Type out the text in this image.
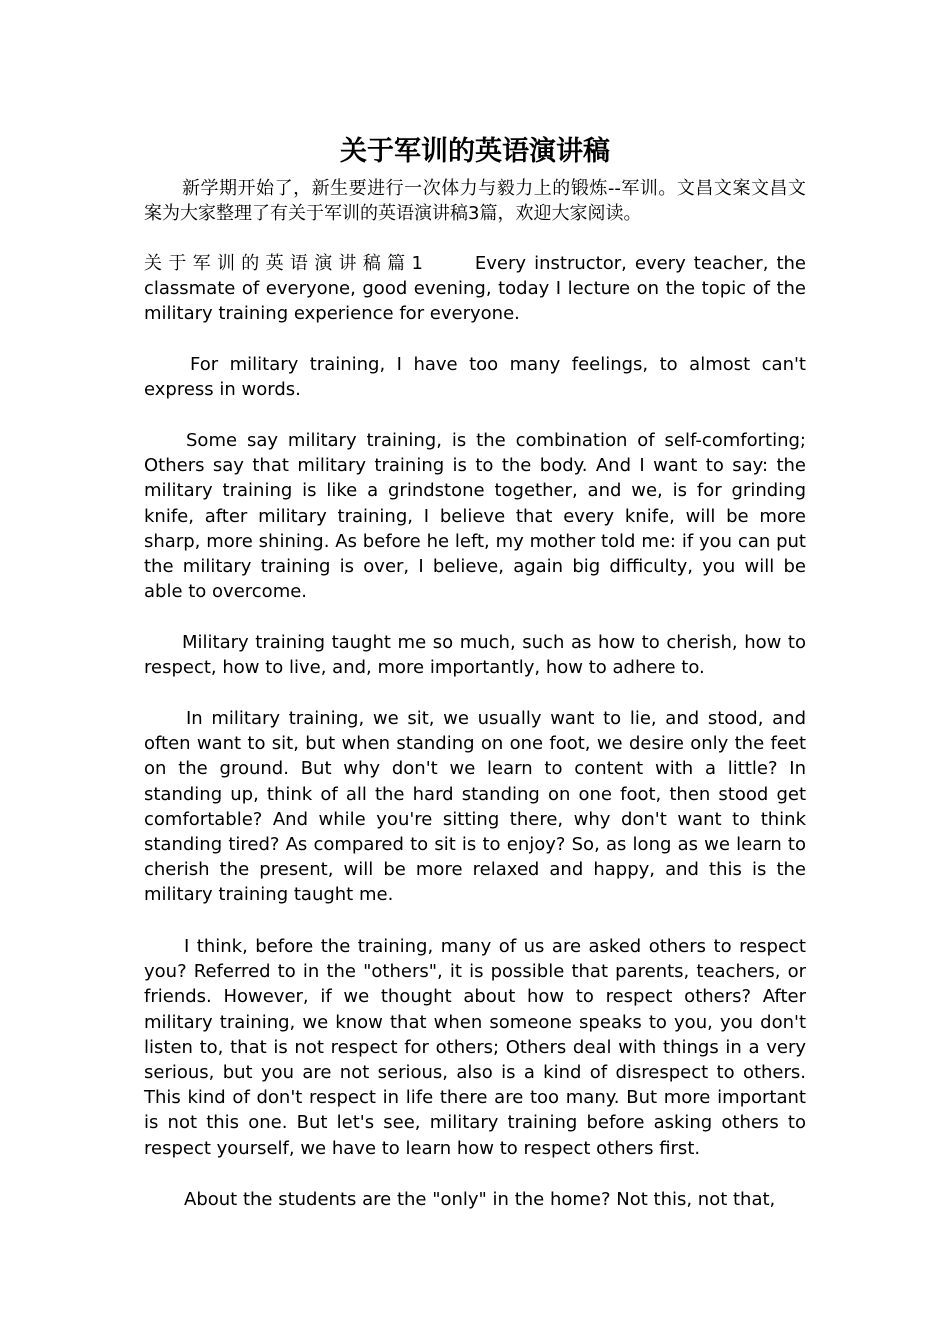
关于军训的英语演讲稿

新学期开始了，新生要进行一次体力与毅力上的锻炼--军训。文昌文案文昌文案为大家整理了有关于军训的英语演讲稿3篇，欢迎大家阅读。

关于军训的英语演讲稿篇1	Every instructor, every teacher, the classmate of everyone, good evening, today I lecture on the topic of the military training experience for everyone.

For military training, I have too many feelings, to almost can't express in words.

Some say military training, is the combination of self-comforting; Others say that military training is to the body. And I want to say: the military training is like a grindstone together, and we, is for grinding knife, after military training, I believe that every knife, will be more sharp, more shining. As before he left, my mother told me: if you can put the military training is over, I believe, again big difficulty, you will be able to overcome.

Military training taught me so much, such as how to cherish, how to respect, how to live, and, more importantly, how to adhere to.

In military training, we sit, we usually want to lie, and stood, and often want to sit, but when standing on one foot, we desire only the feet on the ground. But why don't we learn to content with a little? In standing up, think of all the hard standing on one foot, then stood get comfortable? And while you're sitting there, why don't want to think standing tired? As compared to sit is to enjoy? So, as long as we learn to cherish the present, will be more relaxed and happy, and this is the military training taught me.

I think, before the training, many of us are asked others to respect you? Referred to in the "others", it is possible that parents, teachers, or friends. However, if we thought about how to respect others? After military training, we know that when someone speaks to you, you don't listen to, that is not respect for others; Others deal with things in a very serious, but you are not serious, also is a kind of disrespect to others. This kind of don't respect in life there are too many. But more important is not this one. But let's see, military training before asking others to respect yourself, we have to learn how to respect others first.

About the students are the "only" in the home? Not this, not that,
